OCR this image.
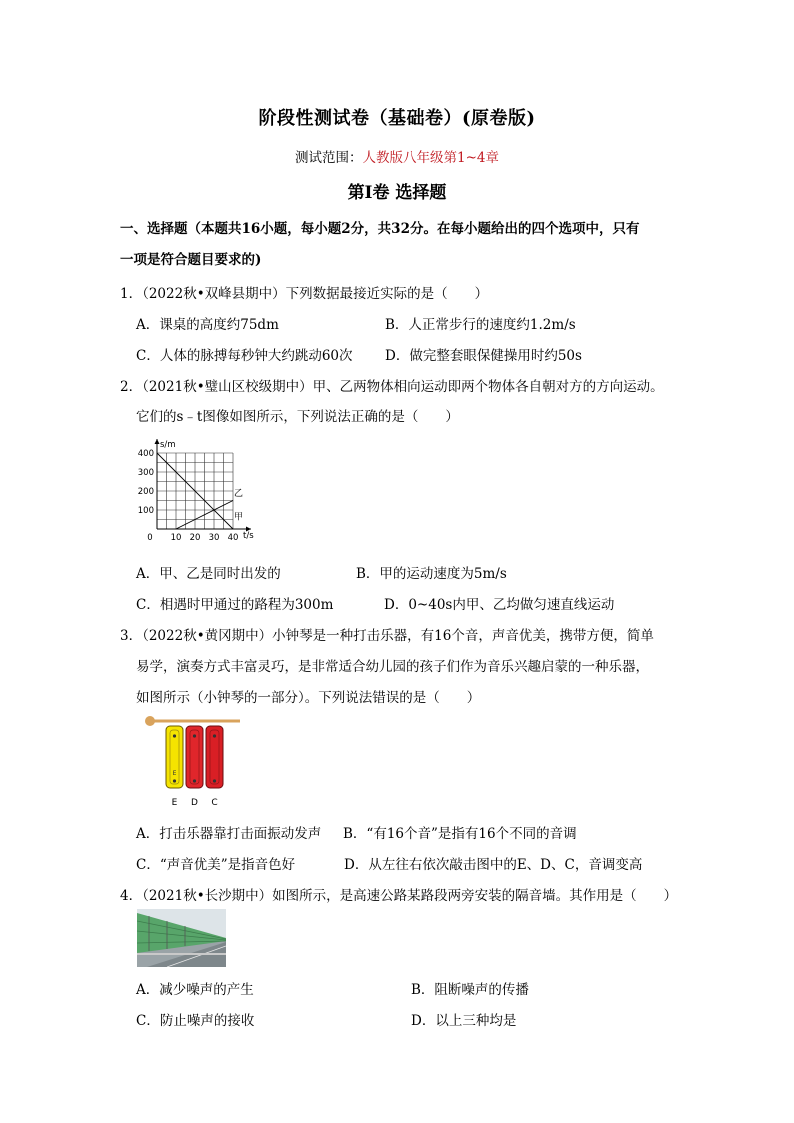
阶段性测试卷（基础卷）(原卷版)
测试范围：人教版八年级第1~4章
第Ⅰ卷 选择题
一、选择题（本题共16小题，每小题2分，共32分。在每小题给出的四个选项中，只有
一项是符合题目要求的)
1．（2022秋•双峰县期中）下列数据最接近实际的是（　　）
A．课桌的高度约75dm	B．人正常步行的速度约1.2m/s
C．人体的脉搏每秒钟大约跳动60次 D．做完整套眼保健操用时约50s
2．（2021秋•璧山区校级期中）甲、乙两物体相向运动即两个物体各自朝对方的方向运动。
它们的s﹣t图像如图所示，下列说法正确的是（　　）
0 10 20 30 40
100
200
300
400
s/m
t/s
乙
甲
A．甲、乙是同时出发的	B．甲的运动速度为5m/s
C．相遇时甲通过的路程为300m	D．0~40s内甲、乙均做匀速直线运动
3．（2022秋•黄冈期中）小钟琴是一种打击乐器，有16个音，声音优美，携带方便，简单
易学，演奏方式丰富灵巧，是非常适合幼儿园的孩子们作为音乐兴趣启蒙的一种乐器，
如图所示（小钟琴的一部分）。下列说法错误的是（　　）
E
E D C
A．打击乐器靠打击面振动发声 B．“有16个音”是指有16个不同的音调
C．“声音优美”是指音色好	D．从左往右依次敲击图中的E、D、C，音调变高
4．（2021秋•长沙期中）如图所示，是高速公路某路段两旁安装的隔音墙。其作用是（　　）
A．减少噪声的产生	B．阻断噪声的传播
C．防止噪声的接收	D．以上三种均是
